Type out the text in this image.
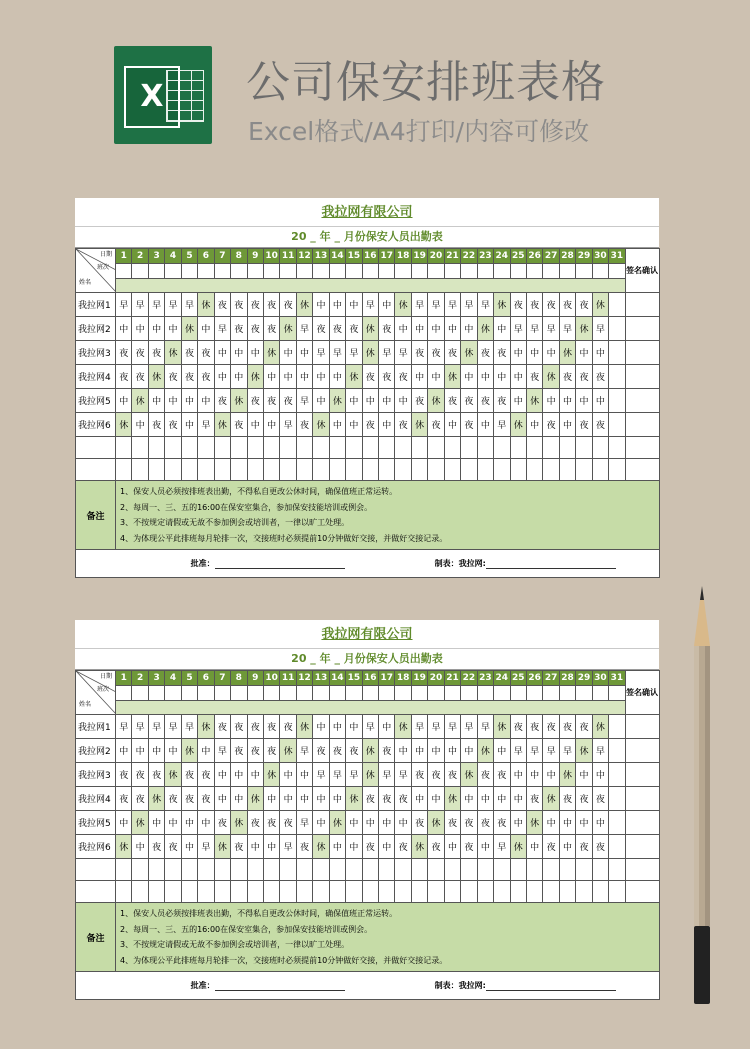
X	公司保安排班表格
Excel格式/A4打印/内容可修改
我拉网有限公司
20 _ 年 _ 月份保安人员出勤表
日期
班次
姓名	1	2	3	4	5	6	7	8	9	10	11	12	13	14	15	16	17	18	19	20	21	22	23	24	25	26	27	28	29	30	31	签名确认

我拉网1	早	早	早	早	早	休	夜	夜	夜	夜	夜	休	中	中	中	早	中	休	早	早	早	早	早	休	夜	夜	夜	夜	夜	休		
我拉网2	中	中	中	中	休	中	早	夜	夜	夜	休	早	夜	夜	夜	休	夜	中	中	中	中	中	休	中	早	早	早	早	休	早		
我拉网3	夜	夜	夜	休	夜	夜	中	中	中	休	中	中	早	早	早	休	早	早	夜	夜	夜	休	夜	夜	中	中	中	休	中	中		
我拉网4	夜	夜	休	夜	夜	夜	中	中	休	中	中	中	中	中	休	夜	夜	夜	中	中	休	中	中	中	中	夜	休	夜	夜	夜		
我拉网5	中	休	中	中	中	中	夜	休	夜	夜	夜	早	中	休	中	中	中	中	夜	休	夜	夜	夜	夜	中	休	中	中	中	中		
我拉网6	休	中	夜	夜	中	早	休	夜	中	中	早	夜	休	中	中	夜	中	夜	休	夜	中	夜	中	早	休	中	夜	中	夜	夜		

备注	1、保安人员必须按排班表出勤，不得私自更改公休时间，确保值班正常运转。
2、每周一、三、五的16:00在保安室集合，参加保安技能培训或例会。
3、不按规定请假或无故不参加例会或培训者，一律以旷工处理。
4、为体现公平此排班每月轮排一次，交接班时必须提前10分钟做好交接，并做好交接记录。																															

批准： 制表：我拉网:																																
我拉网有限公司
20 _ 年 _ 月份保安人员出勤表
日期
班次
姓名	1	2	3	4	5	6	7	8	9	10	11	12	13	14	15	16	17	18	19	20	21	22	23	24	25	26	27	28	29	30	31	签名确认

我拉网1	早	早	早	早	早	休	夜	夜	夜	夜	夜	休	中	中	中	早	中	休	早	早	早	早	早	休	夜	夜	夜	夜	夜	休		
我拉网2	中	中	中	中	休	中	早	夜	夜	夜	休	早	夜	夜	夜	休	夜	中	中	中	中	中	休	中	早	早	早	早	休	早		
我拉网3	夜	夜	夜	休	夜	夜	中	中	中	休	中	中	早	早	早	休	早	早	夜	夜	夜	休	夜	夜	中	中	中	休	中	中		
我拉网4	夜	夜	休	夜	夜	夜	中	中	休	中	中	中	中	中	休	夜	夜	夜	中	中	休	中	中	中	中	夜	休	夜	夜	夜		
我拉网5	中	休	中	中	中	中	夜	休	夜	夜	夜	早	中	休	中	中	中	中	夜	休	夜	夜	夜	夜	中	休	中	中	中	中		
我拉网6	休	中	夜	夜	中	早	休	夜	中	中	早	夜	休	中	中	夜	中	夜	休	夜	中	夜	中	早	休	中	夜	中	夜	夜		

备注	1、保安人员必须按排班表出勤，不得私自更改公休时间，确保值班正常运转。
2、每周一、三、五的16:00在保安室集合，参加保安技能培训或例会。
3、不按规定请假或无故不参加例会或培训者，一律以旷工处理。
4、为体现公平此排班每月轮排一次，交接班时必须提前10分钟做好交接，并做好交接记录。																															

批准： 制表：我拉网:																																
